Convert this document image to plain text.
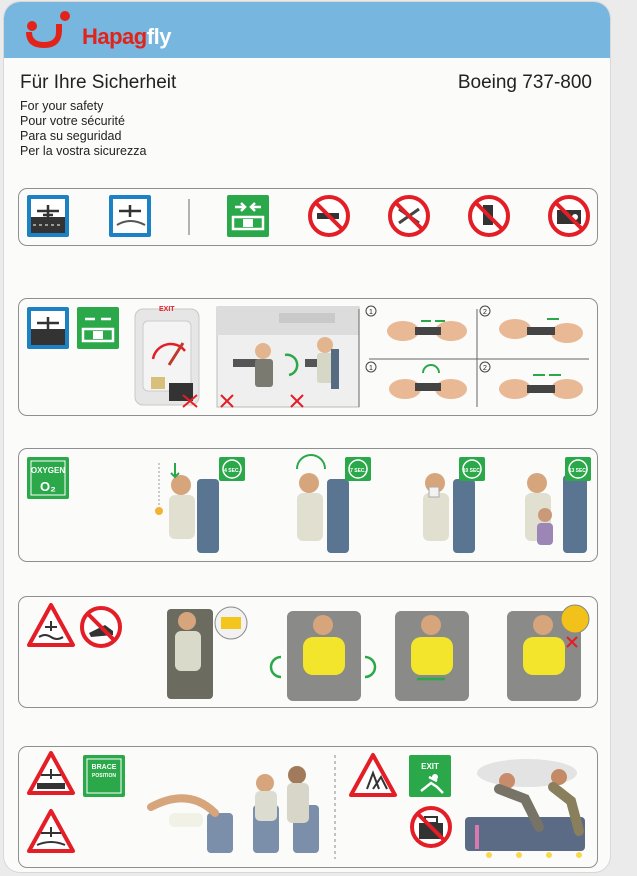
Hapagfly
Für Ihre Sicherheit	Boeing 737-800
For your safety
Pour votre sécurité
Para su seguridad
Per la vostra sicurezza
EXIT	1	2
1	2
OXYGEN
O₂
4 SEC.	7 SEC.	10 SEC.	13 SEC.
BRACE
POSITION
EXIT
